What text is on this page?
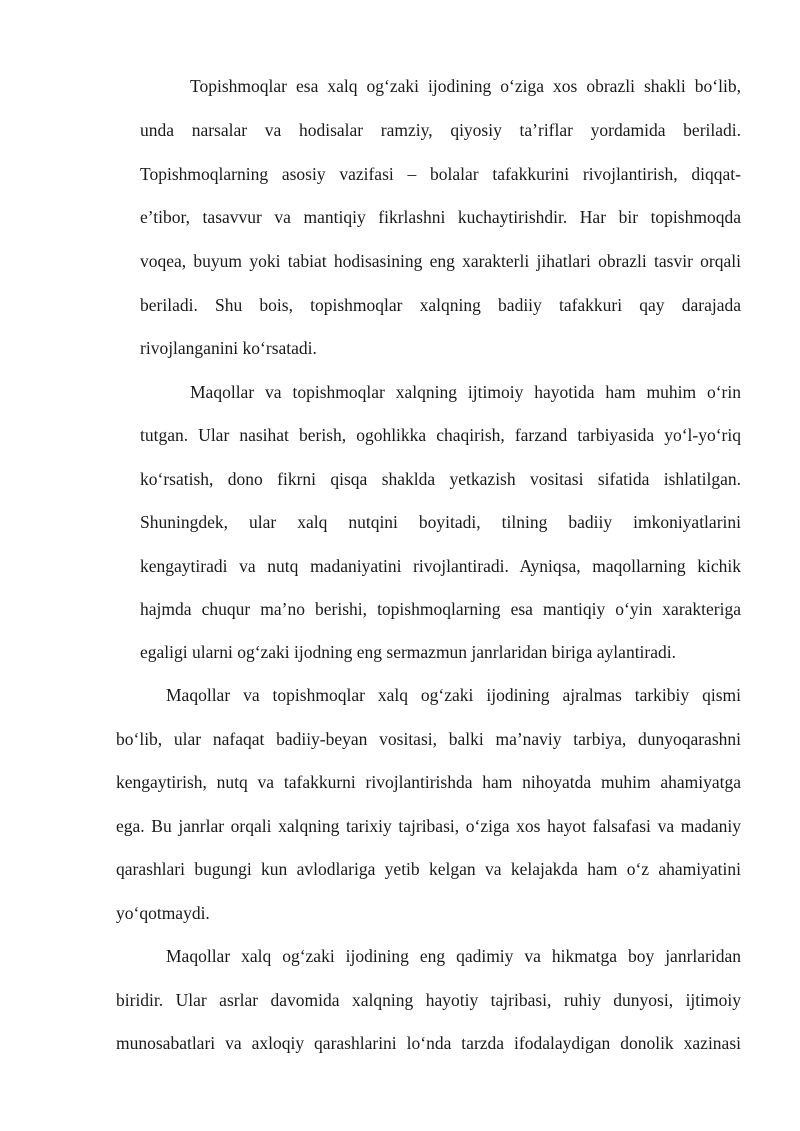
Topishmoqlar esa xalq og‘zaki ijodining o‘ziga xos obrazli shakli bo‘lib,
unda narsalar va hodisalar ramziy, qiyosiy ta’riflar yordamida beriladi.
Topishmoqlarning asosiy vazifasi – bolalar tafakkurini rivojlantirish, diqqat-
e’tibor, tasavvur va mantiqiy fikrlashni kuchaytirishdir. Har bir topishmoqda
voqea, buyum yoki tabiat hodisasining eng xarakterli jihatlari obrazli tasvir orqali
beriladi. Shu bois, topishmoqlar xalqning badiiy tafakkuri qay darajada
rivojlanganini ko‘rsatadi.
Maqollar va topishmoqlar xalqning ijtimoiy hayotida ham muhim o‘rin
tutgan. Ular nasihat berish, ogohlikka chaqirish, farzand tarbiyasida yo‘l-yo‘riq
ko‘rsatish, dono fikrni qisqa shaklda yetkazish vositasi sifatida ishlatilgan.
Shuningdek, ular xalq nutqini boyitadi, tilning badiiy imkoniyatlarini
kengaytiradi va nutq madaniyatini rivojlantiradi. Ayniqsa, maqollarning kichik
hajmda chuqur ma’no berishi, topishmoqlarning esa mantiqiy o‘yin xarakteriga
egaligi ularni og‘zaki ijodning eng sermazmun janrlaridan biriga aylantiradi.
Maqollar va topishmoqlar xalq og‘zaki ijodining ajralmas tarkibiy qismi
bo‘lib, ular nafaqat badiiy-beyan vositasi, balki ma’naviy tarbiya, dunyoqarashni
kengaytirish, nutq va tafakkurni rivojlantirishda ham nihoyatda muhim ahamiyatga
ega. Bu janrlar orqali xalqning tarixiy tajribasi, o‘ziga xos hayot falsafasi va madaniy
qarashlari bugungi kun avlodlariga yetib kelgan va kelajakda ham o‘z ahamiyatini
yo‘qotmaydi.
Maqollar xalq og‘zaki ijodining eng qadimiy va hikmatga boy janrlaridan
biridir. Ular asrlar davomida xalqning hayotiy tajribasi, ruhiy dunyosi, ijtimoiy
munosabatlari va axloqiy qarashlarini lo‘nda tarzda ifodalaydigan donolik xazinasi
